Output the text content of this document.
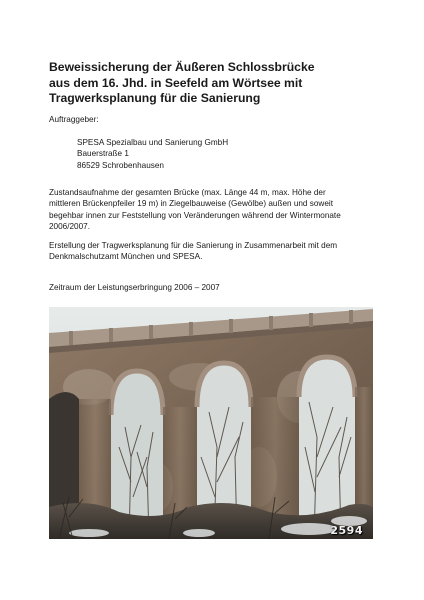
Beweissicherung der Äußeren Schlossbrücke
aus dem 16. Jhd. in Seefeld am Wörtsee mit
Tragwerksplanung für die Sanierung

Auftraggeber:

SPESA Spezialbau und Sanierung GmbH
Bauerstraße 1
86529 Schrobenhausen

Zustandsaufnahme der gesamten Brücke (max. Länge 44 m, max. Höhe der
mittleren Brückenpfeiler 19 m) in Ziegelbauweise (Gewölbe) außen und soweit
begehbar innen zur Feststellung von Veränderungen während der Wintermonate
2006/2007.

Erstellung der Tragwerksplanung für die Sanierung in Zusammenarbeit mit dem
Denkmalschutzamt München und SPESA.

Zeitraum der Leistungserbringung 2006 – 2007

2594
